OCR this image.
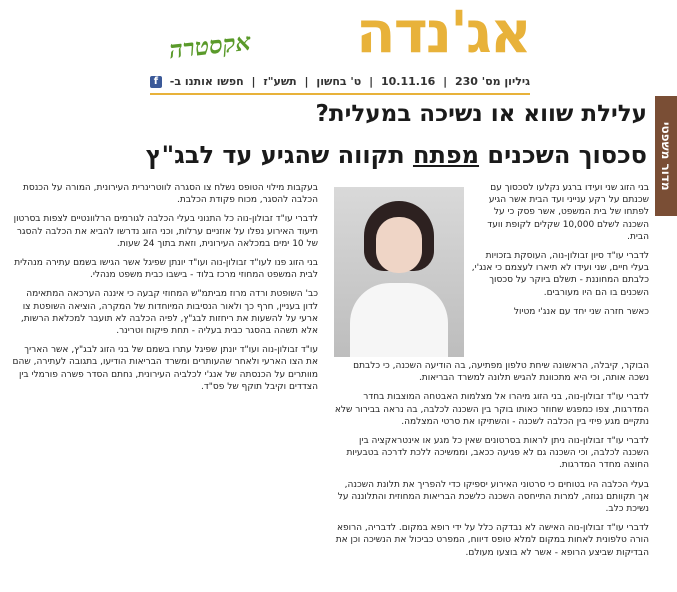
אג'נדה
אקסטרה
גיליון מס' 230 | 10.11.16 | ט' בחשון | תשע"ז | חפשו אותנו ב- f
מדור משפטי
עלילת שווא או נשיכה במעלית?
סכסוך השכנים מפתח תקווה שהגיע עד לבג"ץ

בני הזוג שני ועידו ברגע נקלעו לסכסוך עם שכנתם על רקע ענייני ועד הבית אשר הגיע לפתחו של בית המשפט, אשר פסק כי על השכנה לשלם 10,000 שקלים לקופת וועד הבית.

לדברי עו"ד סיון זבולון-נוה, העוסקת בזכויות בעלי חיים, שני ועידו לא תיארו לעצמם כי אנג'י, כלבתם המחוננת - תשלם ביוקר על סכסוך השכנים בו הם היו מעורבים.

כאשר חזרה שני יחד עם אנג'י מטיול

הבוקר, קיבלה, הראשונה שיחת טלפון מפתיעה, בה הודיעה השכנה, כי כלבתם נשכה אותה, וכי היא מתכוונת להגיש תלונה למשרד הבריאות.

לדברי עו"ד זבולון-נוה, בני הזוג מיהרו אל מצלמות האבטחה המוצבות בחדר המדרגות, צפו כמפגש שחוזר כאותו בוקר בין השכנה לכלבה, בה נראה בבירור שלא נתקיים מגע פיזי בין הכלבה לשכנה - והשתיקו את סרטי המצלמה.

לדברי עו"ד זבולון-נוה ניתן לראות בסרטונים שאין כל מגע או אינטראקציה בין השכנה לכלבה, וכי השכנה גם לא פגיעה ככאב, וממשיכה ללכת לדרכה בטבעיות החוצה מחדר המדרגות.

בעלי הכלבה היו בטוחים כי סרטוני האירוע יספיקו כדי להפריך את תלונת השכנה, אך תקוותם נגוזה, למרות התייחסה השכנה כלשכת הבריאות המחוזית והתלוננה על נשיכת כלב.

לדברי עו"ד זבולון-נוה האישה לא נבדקה כלל על ידי רופא במקום. לדבריה, הרופא הורה טלפונית לאחות במקום למלא טופס דיווח, המפרט כביכול את הנשיכה וכן את הבדיקות שביצע הרופא - אשר לא בוצעו מעולם.

בעקבות מילוי הטופס נשלח צו הסגרה לווטרינרית העירונית, המורה על הכנסת הכלבה להסגר, מכוח פקודת הכלבת.

לדברי עו"ד זבולון-נוה כל התנוני בעלי הכלבה לגורמים הרלוונטיים לצפות בסרטון תיעוד האירוע נפלו על אוזניים ערלות, וכני הזוג נדרשו להביא את הכלבה להסגר של 10 ימים במכלאה העירונית, וזאת בתוך 24 שעות.

בני הזוג פנו לעו"ד זבולון-נוה ועו"ד יונתן שפיגל אשר הגישו בשמם עתירה מנהלית לבית המשפט המחוזי מרכז בלוד - בישבו כבית משפט מנהלי.

כב' השופטת ורדה מרוז מביתמ"ש המחוזי קבעה כי איננה הערכאה המתאימה לדון בעניין, חרף כך ולאור הנסיבות המיוחדות של המקרה, הוציאה השופטת צו ארעי על להשעות את ריחזות לבג"ץ, לפיה הכלבה לא תועבר למכלאת הרשות, אלא תשהה בהסגר כבית בעליה - תחת פיקוח וטרינר.

עו"ד זבולון-נוה ועו"ד יונתן שפיגל עתרו בשמם של בני הזוג לבג"ץ, אשר האריך את הצו הארעי ולאחר שהעותרים ומשרד הבריאות הודיעו, בתגובה לעתירה, שהם מוותרים על הכנסתה של אנג'י לכלביה העירונית, נחתם הסדר פשרה פורמלי בין הצדדים וקיבל תוקף של פס"ד.
